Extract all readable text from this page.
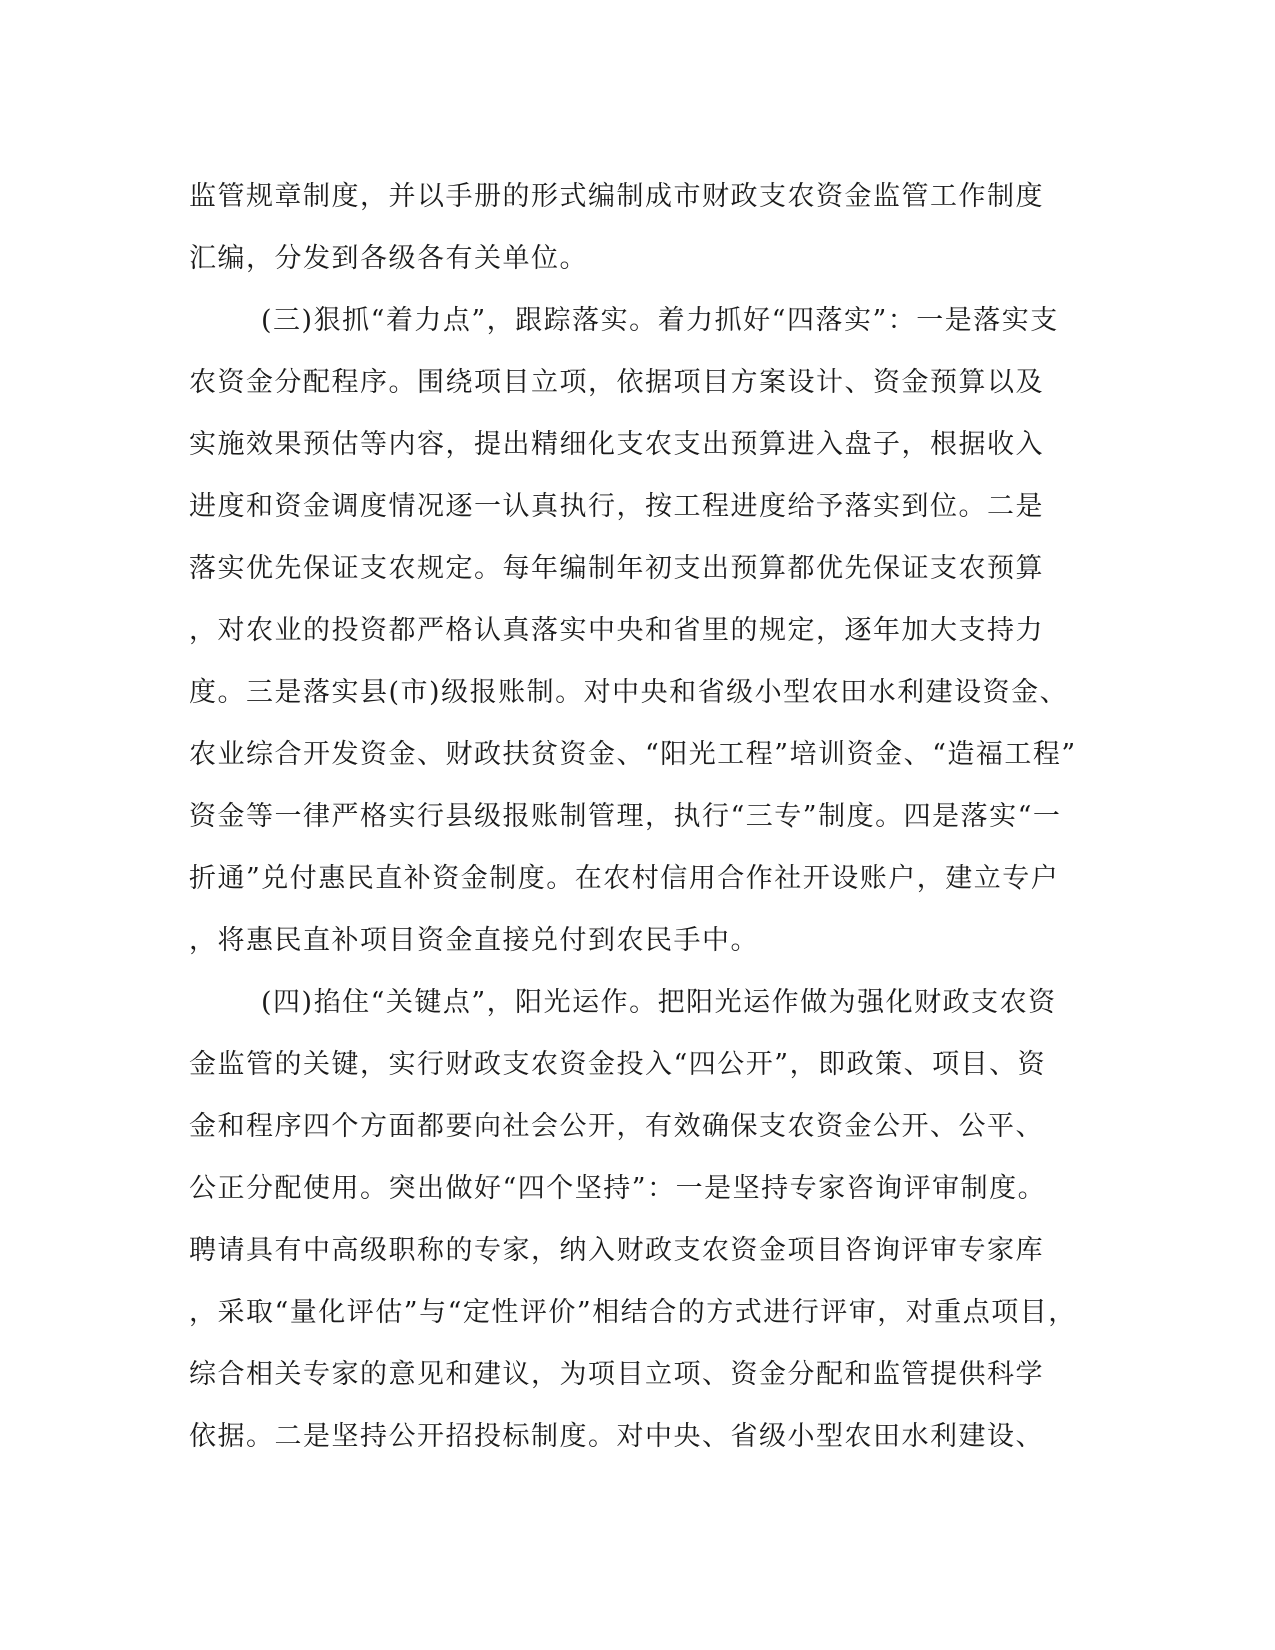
监管规章制度，并以手册的形式编制成市财政支农资金监管工作制度
汇编，分发到各级各有关单位。
(三)狠抓“着力点”，跟踪落实。着力抓好“四落实”：一是落实支
农资金分配程序。围绕项目立项，依据项目方案设计、资金预算以及
实施效果预估等内容，提出精细化支农支出预算进入盘子，根据收入
进度和资金调度情况逐一认真执行，按工程进度给予落实到位。二是
落实优先保证支农规定。每年编制年初支出预算都优先保证支农预算
，对农业的投资都严格认真落实中央和省里的规定，逐年加大支持力
度。三是落实县(市)级报账制。对中央和省级小型农田水利建设资金、
农业综合开发资金、财政扶贫资金、“阳光工程”培训资金、“造福工程”
资金等一律严格实行县级报账制管理，执行“三专”制度。四是落实“一
折通”兑付惠民直补资金制度。在农村信用合作社开设账户，建立专户
，将惠民直补项目资金直接兑付到农民手中。
(四)掐住“关键点”，阳光运作。把阳光运作做为强化财政支农资
金监管的关键，实行财政支农资金投入“四公开”，即政策、项目、资
金和程序四个方面都要向社会公开，有效确保支农资金公开、公平、
公正分配使用。突出做好“四个坚持”：一是坚持专家咨询评审制度。
聘请具有中高级职称的专家，纳入财政支农资金项目咨询评审专家库
，采取“量化评估”与“定性评价”相结合的方式进行评审，对重点项目，
综合相关专家的意见和建议，为项目立项、资金分配和监管提供科学
依据。二是坚持公开招投标制度。对中央、省级小型农田水利建设、
